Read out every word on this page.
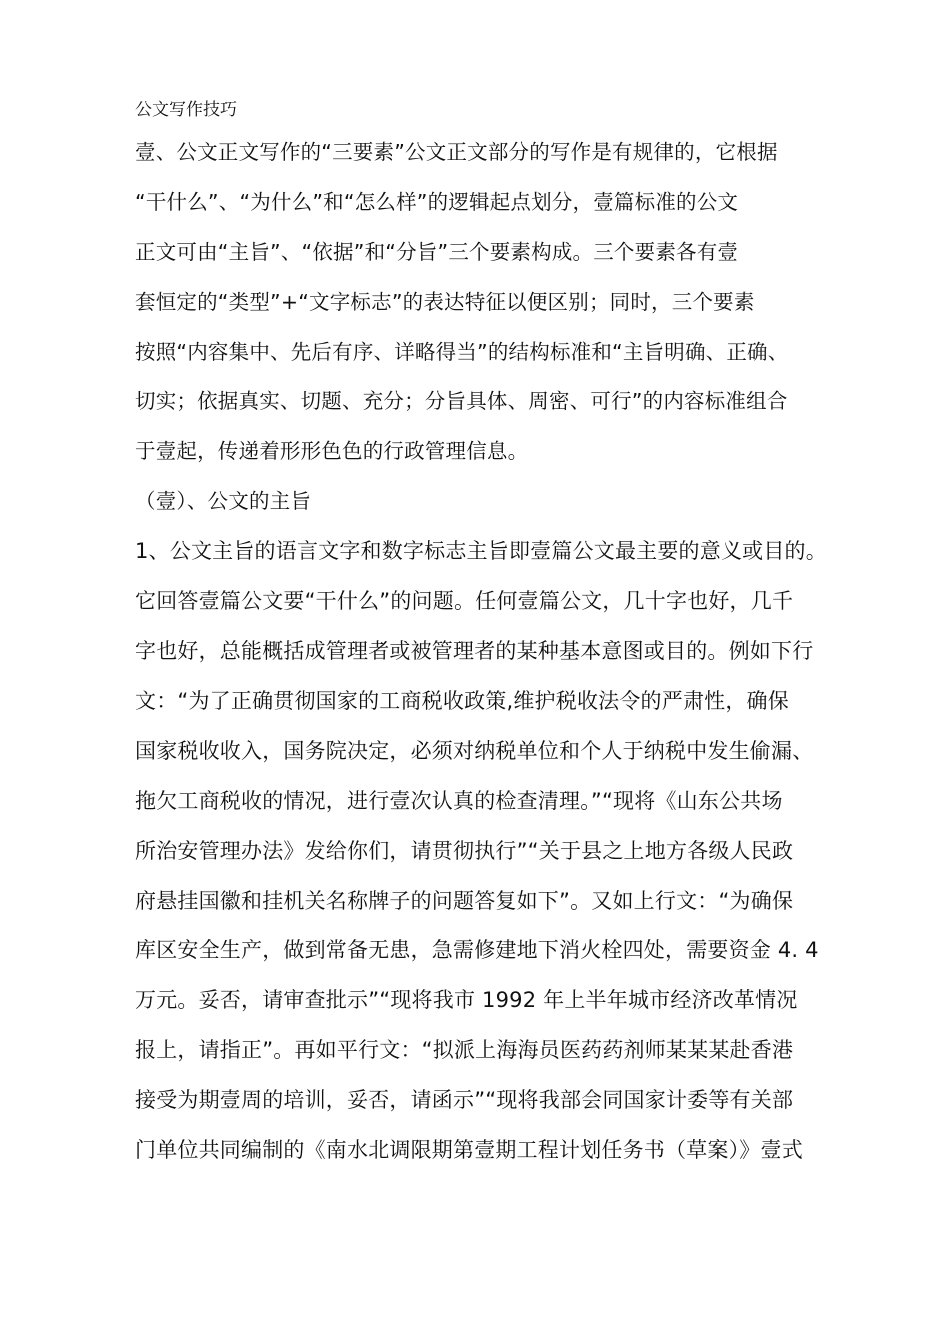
公文写作技巧
壹、公文正文写作的“三要素”公文正文部分的写作是有规律的，它根据
“干什么”、“为什么”和“怎么样”的逻辑起点划分，壹篇标准的公文
正文可由“主旨”、“依据”和“分旨”三个要素构成。三个要素各有壹
套恒定的“类型”+“文字标志”的表达特征以便区别；同时，三个要素
按照“内容集中、先后有序、详略得当”的结构标准和“主旨明确、正确、
切实；依据真实、切题、充分；分旨具体、周密、可行”的内容标准组合
于壹起，传递着形形色色的行政管理信息。
（壹）、公文的主旨
1、公文主旨的语言文字和数字标志主旨即壹篇公文最主要的意义或目的。
它回答壹篇公文要“干什么”的问题。任何壹篇公文，几十字也好，几千
字也好，总能概括成管理者或被管理者的某种基本意图或目的。例如下行
文：“为了正确贯彻国家的工商税收政策,维护税收法令的严肃性，确保
国家税收收入，国务院决定，必须对纳税单位和个人于纳税中发生偷漏、
拖欠工商税收的情况，进行壹次认真的检查清理。”“现将《山东公共场
所治安管理办法》发给你们，请贯彻执行”“关于县之上地方各级人民政
府悬挂国徽和挂机关名称牌子的问题答复如下”。又如上行文：“为确保
库区安全生产，做到常备无患，急需修建地下消火栓四处，需要资金 4. 4
万元。妥否，请审查批示”“现将我市 1992 年上半年城市经济改革情况
报上，请指正”。再如平行文：“拟派上海海员医药药剂师某某某赴香港
接受为期壹周的培训，妥否，请函示”“现将我部会同国家计委等有关部
门单位共同编制的《南水北调限期第壹期工程计划任务书（草案）》壹式
